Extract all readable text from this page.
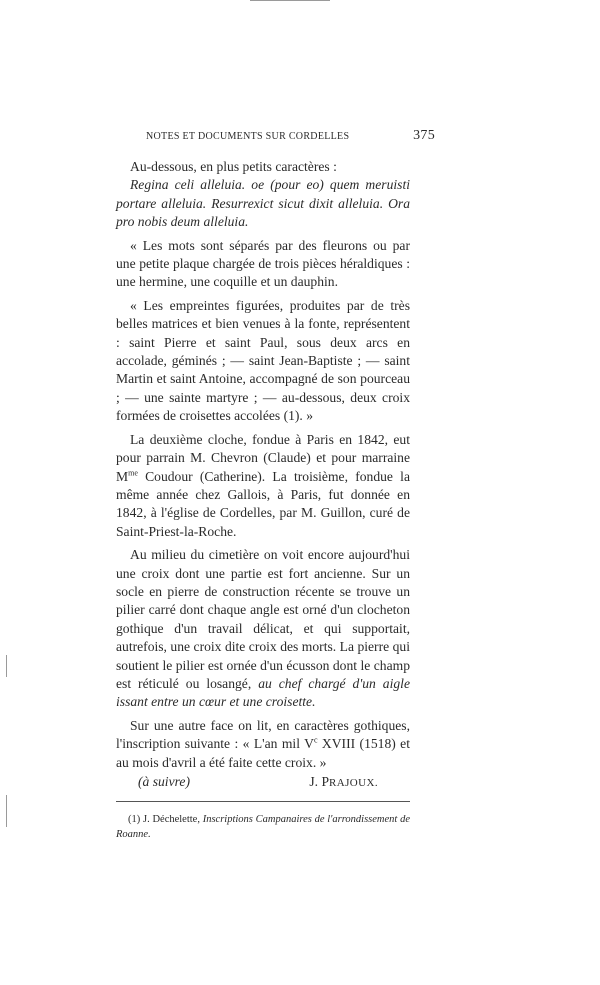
NOTES ET DOCUMENTS SUR CORDELLES	375

Au-dessous, en plus petits caractères :

Regina celi alleluia. oe (pour eo) quem meruisti portare alleluia. Resurrexict sicut dixit alleluia. Ora pro nobis deum alleluia.

« Les mots sont séparés par des fleurons ou par une petite plaque chargée de trois pièces héraldiques : une hermine, une coquille et un dauphin.

« Les empreintes figurées, produites par de très belles matrices et bien venues à la fonte, représentent : saint Pierre et saint Paul, sous deux arcs en accolade, géminés ; — saint Jean-Baptiste ; — saint Martin et saint Antoine, accompagné de son pourceau ; — une sainte martyre ; — au-dessous, deux croix formées de croisettes accolées (1). »

La deuxième cloche, fondue à Paris en 1842, eut pour parrain M. Chevron (Claude) et pour marraine $M^{me}$ Coudour (Catherine). La troisième, fondue la même année chez Gallois, à Paris, fut donnée en 1842, à l'église de Cordelles, par M. Guillon, curé de Saint-Priest-la-Roche.

Au milieu du cimetière on voit encore aujourd'hui une croix dont une partie est fort ancienne. Sur un socle en pierre de construction récente se trouve un pilier carré dont chaque angle est orné d'un clocheton gothique d'un travail délicat, et qui supportait, autrefois, une croix dite croix des morts. La pierre qui soutient le pilier est ornée d'un écusson dont le champ est réticulé ou losangé, au chef chargé d'un aigle issant entre un cœur et une croisette.

Sur une autre face on lit, en caractères gothiques, l'inscription suivante : « L'an mil $V^c$ XVIII (1518) et au mois d'avril a été faite cette croix. »

(à suivre)	J. PRAJOUX.

(1) J. Déchelette, Inscriptions Campanaires de l'arrondissement de Roanne.
